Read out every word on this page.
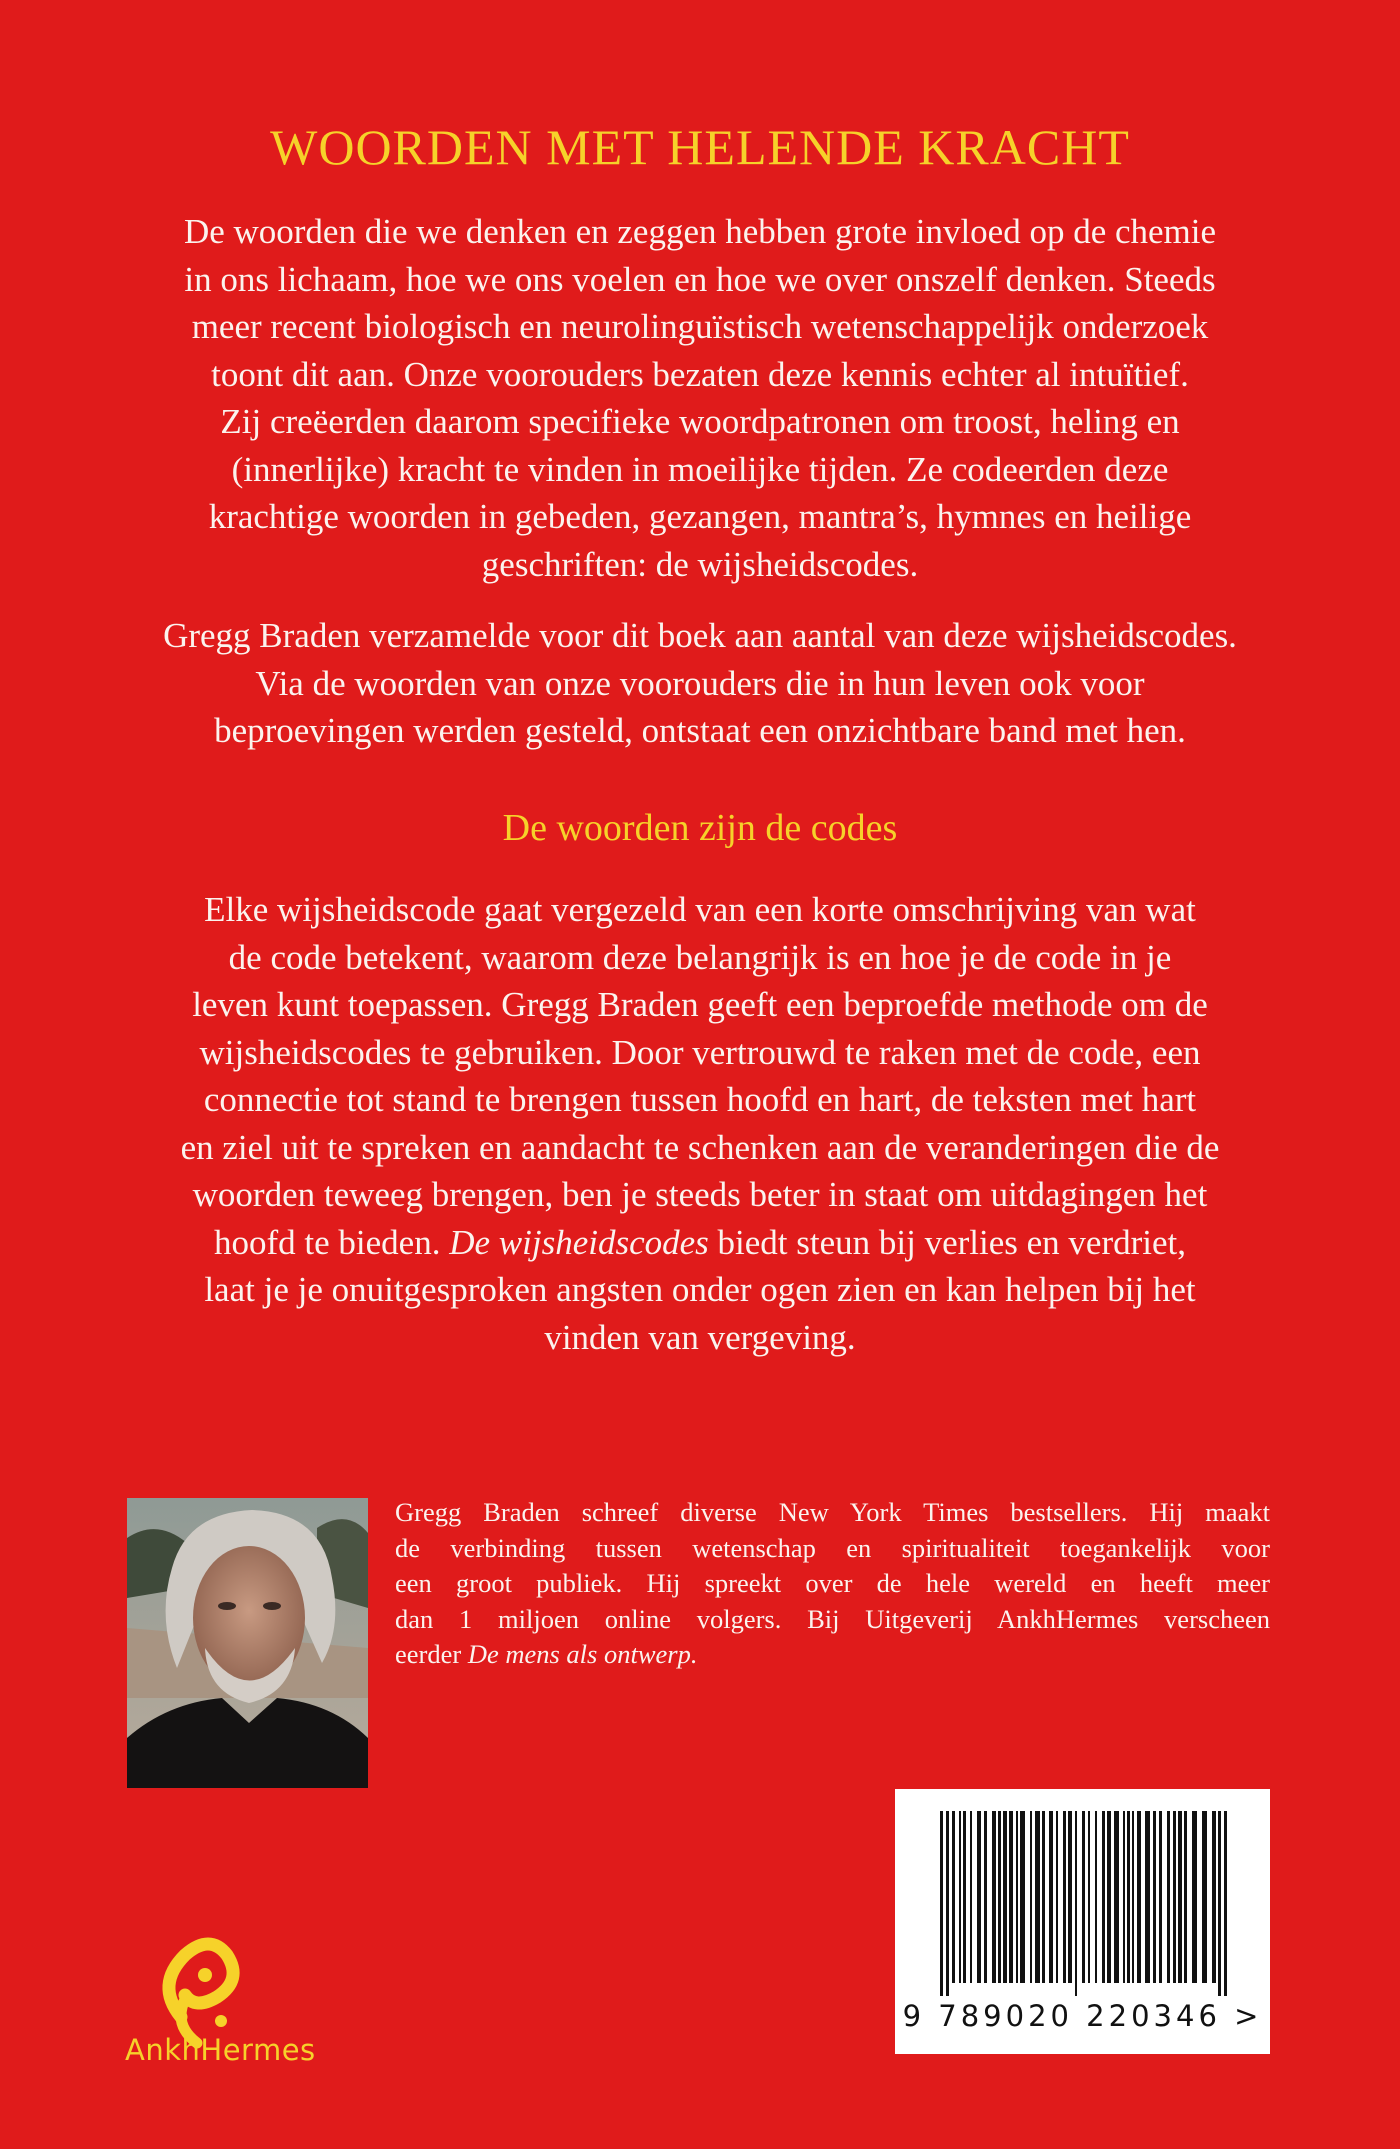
WOORDEN MET HELENDE KRACHT

De woorden die we denken en zeggen hebben grote invloed op de chemie
in ons lichaam, hoe we ons voelen en hoe we over onszelf denken. Steeds
meer recent biologisch en neurolinguïstisch wetenschappelijk onderzoek
toont dit aan. Onze voorouders bezaten deze kennis echter al intuïtief.
Zij creëerden daarom specifieke woordpatronen om troost, heling en
(innerlijke) kracht te vinden in moeilijke tijden. Ze codeerden deze
krachtige woorden in gebeden, gezangen, mantra’s, hymnes en heilige
geschriften: de wijsheidscodes.

Gregg Braden verzamelde voor dit boek aan aantal van deze wijsheidscodes.
Via de woorden van onze voorouders die in hun leven ook voor
beproevingen werden gesteld, ontstaat een onzichtbare band met hen.

De woorden zijn de codes

Elke wijsheidscode gaat vergezeld van een korte omschrijving van wat
de code betekent, waarom deze belangrijk is en hoe je de code in je
leven kunt toepassen. Gregg Braden geeft een beproefde methode om de
wijsheidscodes te gebruiken. Door vertrouwd te raken met de code, een
connectie tot stand te brengen tussen hoofd en hart, de teksten met hart
en ziel uit te spreken en aandacht te schenken aan de veranderingen die de
woorden teweeg brengen, ben je steeds beter in staat om uitdagingen het
hoofd te bieden. De wijsheidscodes biedt steun bij verlies en verdriet,
laat je je onuitgesproken angsten onder ogen zien en kan helpen bij het
vinden van vergeving.

Gregg Braden schreef diverse New York Times bestsellers. Hij maakt
de verbinding tussen wetenschap en spiritualiteit toegankelijk voor
een groot publiek. Hij spreekt over de hele wereld en heeft meer
dan 1 miljoen online volgers. Bij Uitgeverij AnkhHermes verscheen
eerder De mens als ontwerp.

9 789020 220346 >
AnkhHermes
